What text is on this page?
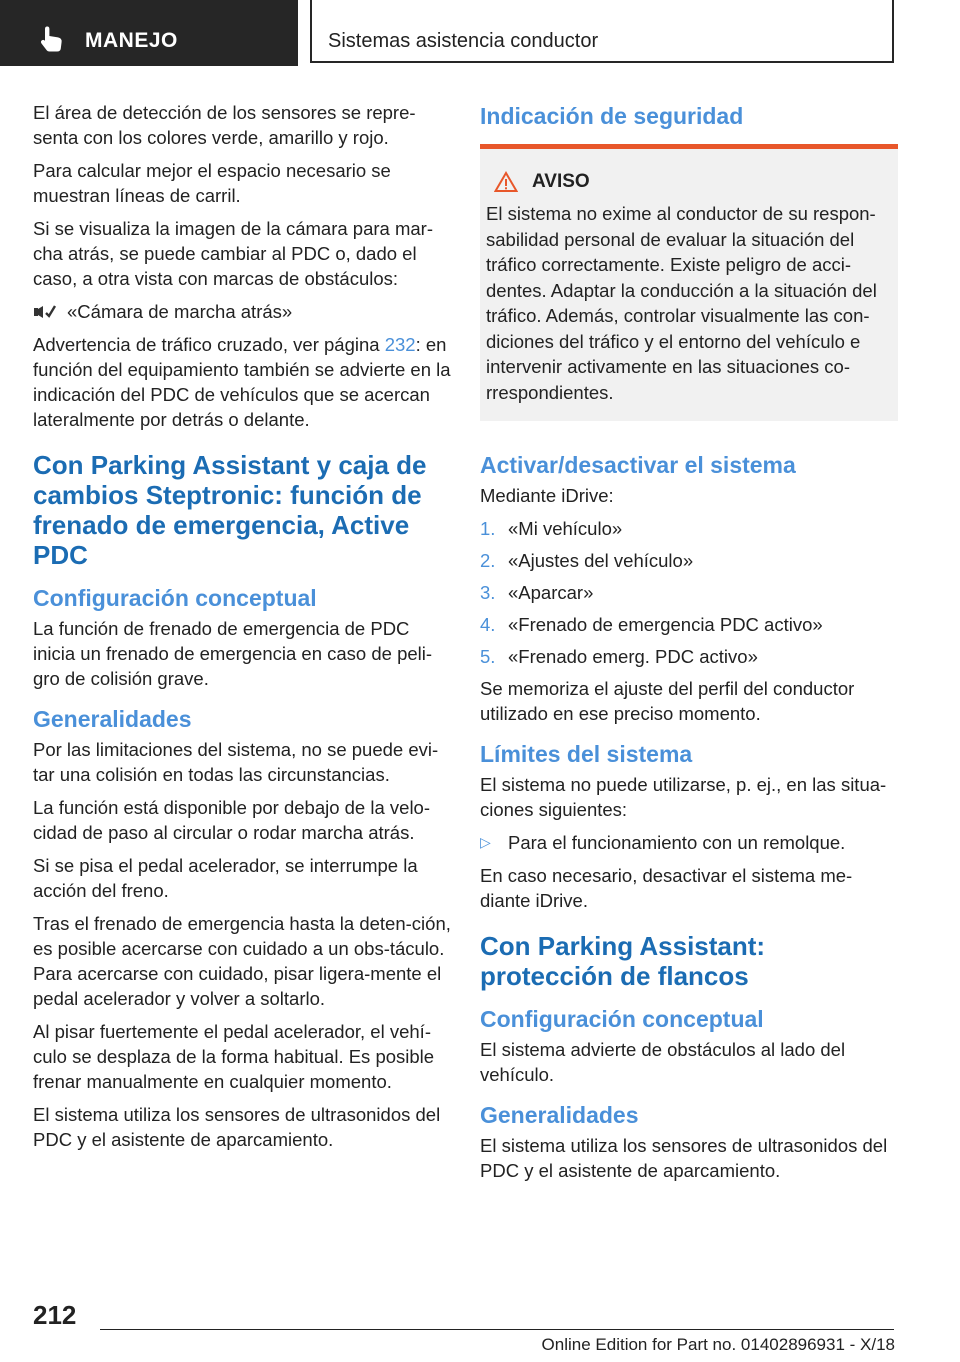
MANEJO	Sistemas asistencia conductor

El área de detección de los sensores se repre-senta con los colores verde, amarillo y rojo.

Para calcular mejor el espacio necesario se muestran líneas de carril.

Si se visualiza la imagen de la cámara para mar-cha atrás, se puede cambiar al PDC o, dado el caso, a otra vista con marcas de obstáculos:

«Cámara de marcha atrás»

Advertencia de tráfico cruzado, ver página 232: en función del equipamiento también se advierte en la indicación del PDC de vehículos que se acercan lateralmente por detrás o delante.

Con Parking Assistant y caja de cambios Steptronic: función de frenado de emergencia, Active PDC
Configuración conceptual

La función de frenado de emergencia de PDC inicia un frenado de emergencia en caso de peli-gro de colisión grave.

Generalidades

Por las limitaciones del sistema, no se puede evi-tar una colisión en todas las circunstancias.

La función está disponible por debajo de la velo-cidad de paso al circular o rodar marcha atrás.

Si se pisa el pedal acelerador, se interrumpe la acción del freno.

Tras el frenado de emergencia hasta la deten-ción, es posible acercarse con cuidado a un obs-táculo. Para acercarse con cuidado, pisar ligera-mente el pedal acelerador y volver a soltarlo.

Al pisar fuertemente el pedal acelerador, el vehí-culo se desplaza de la forma habitual. Es posible frenar manualmente en cualquier momento.

El sistema utiliza los sensores de ultrasonidos del PDC y el asistente de aparcamiento.

Indicación de seguridad
AVISO

El sistema no exime al conductor de su respon-sabilidad personal de evaluar la situación del tráfico correctamente. Existe peligro de acci-dentes. Adaptar la conducción a la situación del tráfico. Además, controlar visualmente las con-diciones del tráfico y el entorno del vehículo e intervenir activamente en las situaciones co-rrespondientes.

Activar/desactivar el sistema

Mediante iDrive:

1. «Mi vehículo»
2. «Ajustes del vehículo»
3. «Aparcar»
4. «Frenado de emergencia PDC activo»
5. «Frenado emerg. PDC activo»

Se memoriza el ajuste del perfil del conductor utilizado en ese preciso momento.

Límites del sistema

El sistema no puede utilizarse, p. ej., en las situa-ciones siguientes:

▷ Para el funcionamiento con un remolque.

En caso necesario, desactivar el sistema me-diante iDrive.

Con Parking Assistant: protección de flancos
Configuración conceptual

El sistema advierte de obstáculos al lado del vehículo.

Generalidades

El sistema utiliza los sensores de ultrasonidos del PDC y el asistente de aparcamiento.

212
Online Edition for Part no. 01402896931 - X/18
